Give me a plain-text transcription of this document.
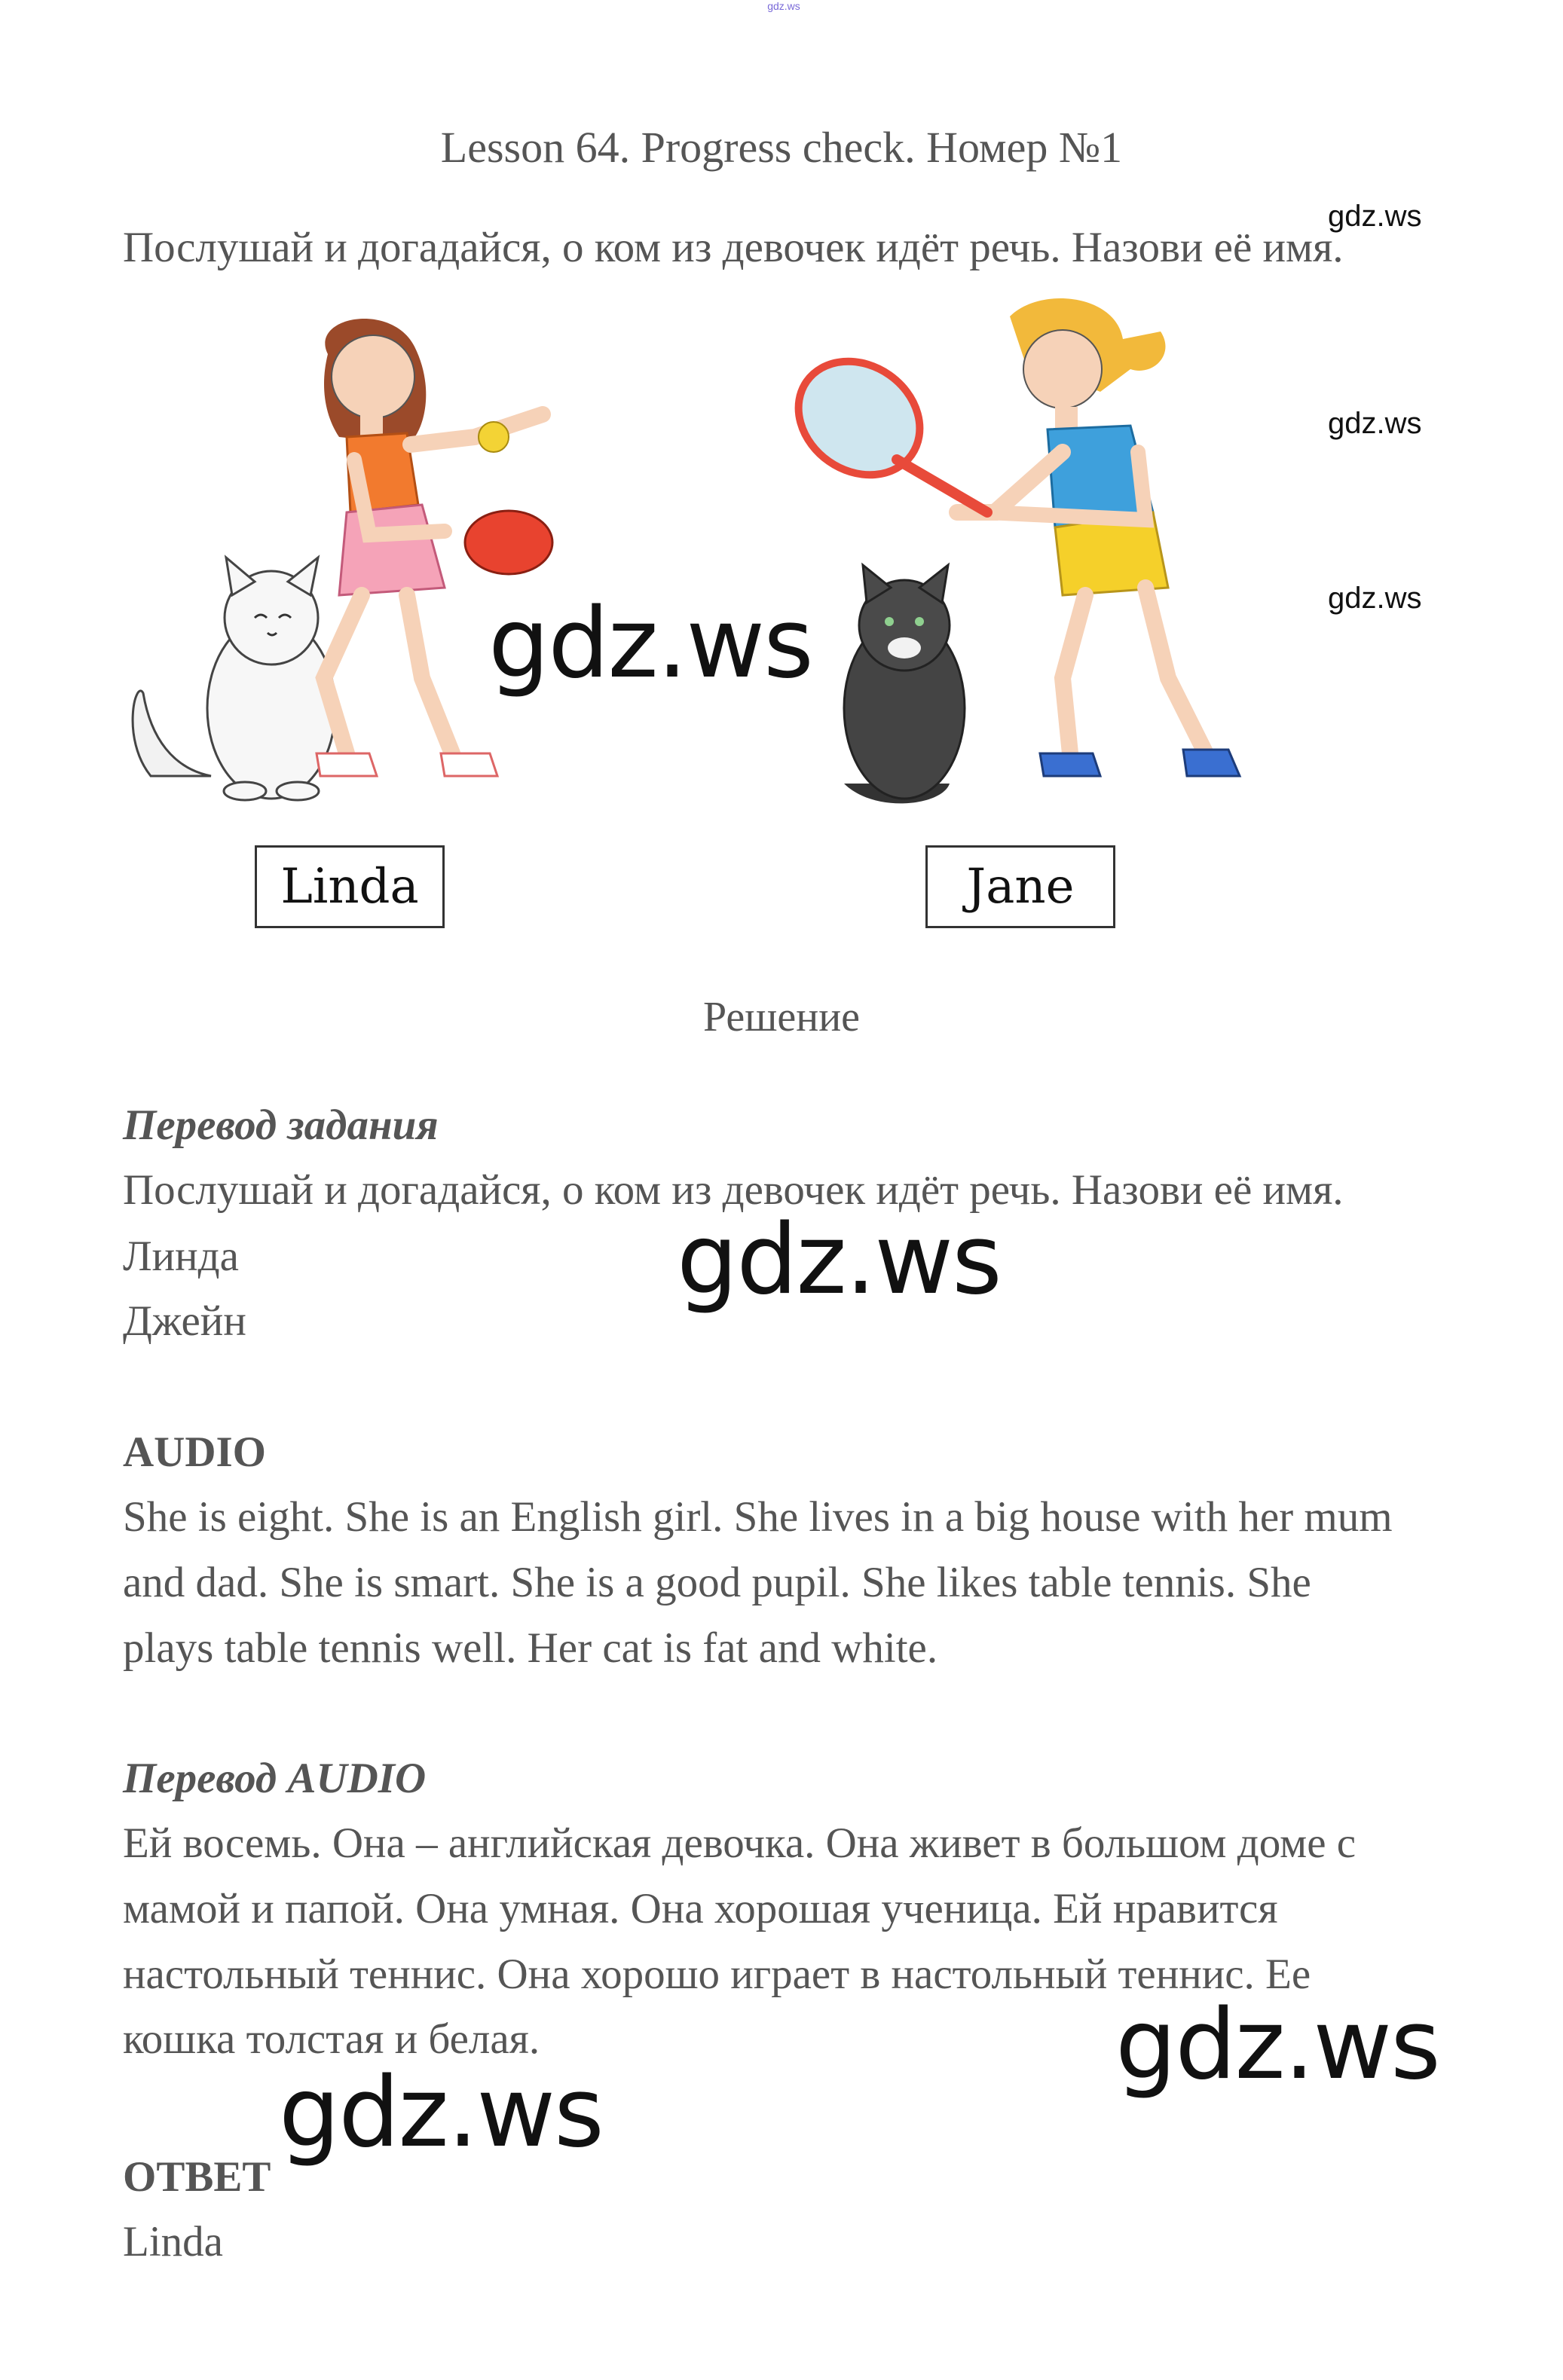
gdz.ws
Lesson 64. Progress check. Номер №1
Послушай и догадайся, о ком из девочек идёт речь. Назови её имя.
Linda	Jane
Решение
Перевод задания
Послушай и догадайся, о ком из девочек идёт речь. Назови её имя.
Линда
Джейн
AUDIO
She is eight. She is an English girl. She lives in a big house with her mum
and dad. She is smart. She is a good pupil. She likes table tennis. She
plays table tennis well. Her cat is fat and white.
Перевод AUDIO
Ей восемь. Она – английская девочка. Она живет в большом доме с
мамой и папой. Она умная. Она хорошая ученица. Ей нравится
настольный теннис. Она хорошо играет в настольный теннис. Ее
кошка толстая и белая.
ОТВЕТ
Linda
gdz.ws
gdz.ws
gdz.ws
gdz.ws
gdz.ws
gdz.ws
gdz.ws
